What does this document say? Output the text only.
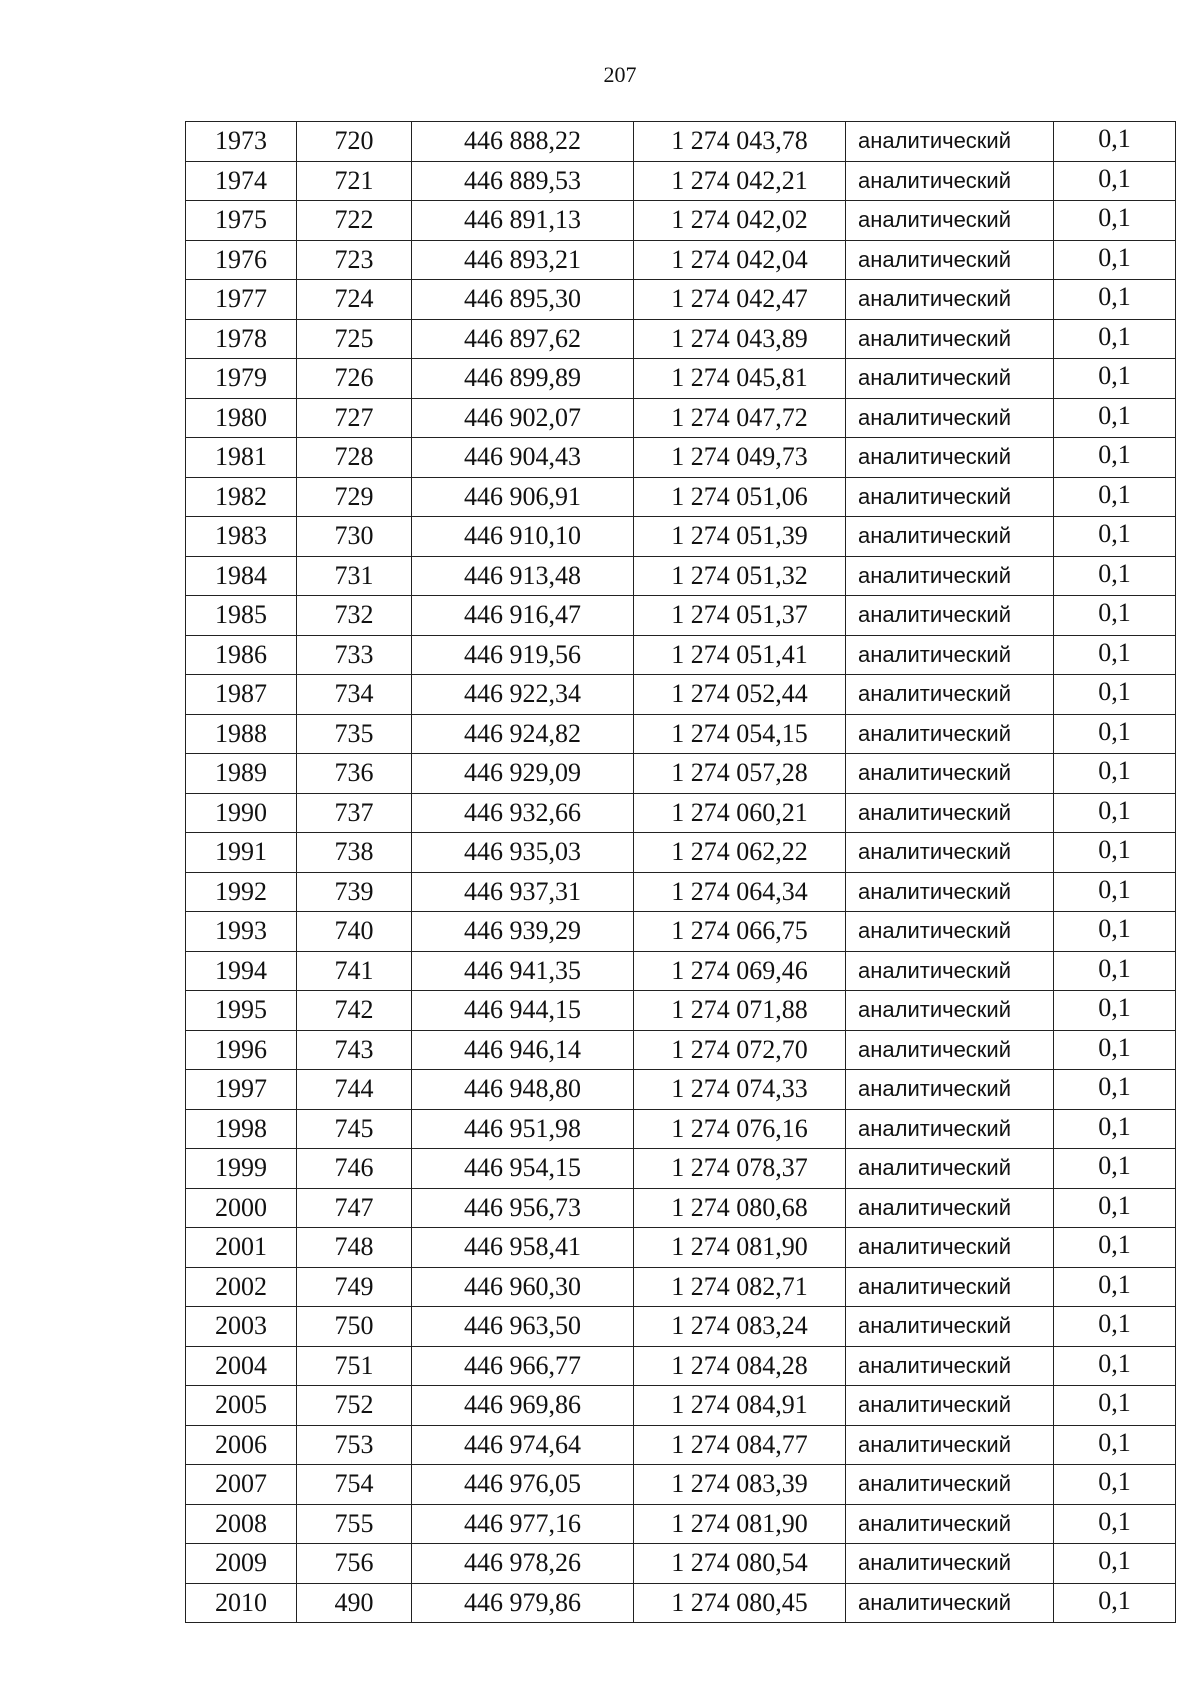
207
1973	720	446 888,22	1 274 043,78	аналитический	0,1
1974	721	446 889,53	1 274 042,21	аналитический	0,1
1975	722	446 891,13	1 274 042,02	аналитический	0,1
1976	723	446 893,21	1 274 042,04	аналитический	0,1
1977	724	446 895,30	1 274 042,47	аналитический	0,1
1978	725	446 897,62	1 274 043,89	аналитический	0,1
1979	726	446 899,89	1 274 045,81	аналитический	0,1
1980	727	446 902,07	1 274 047,72	аналитический	0,1
1981	728	446 904,43	1 274 049,73	аналитический	0,1
1982	729	446 906,91	1 274 051,06	аналитический	0,1
1983	730	446 910,10	1 274 051,39	аналитический	0,1
1984	731	446 913,48	1 274 051,32	аналитический	0,1
1985	732	446 916,47	1 274 051,37	аналитический	0,1
1986	733	446 919,56	1 274 051,41	аналитический	0,1
1987	734	446 922,34	1 274 052,44	аналитический	0,1
1988	735	446 924,82	1 274 054,15	аналитический	0,1
1989	736	446 929,09	1 274 057,28	аналитический	0,1
1990	737	446 932,66	1 274 060,21	аналитический	0,1
1991	738	446 935,03	1 274 062,22	аналитический	0,1
1992	739	446 937,31	1 274 064,34	аналитический	0,1
1993	740	446 939,29	1 274 066,75	аналитический	0,1
1994	741	446 941,35	1 274 069,46	аналитический	0,1
1995	742	446 944,15	1 274 071,88	аналитический	0,1
1996	743	446 946,14	1 274 072,70	аналитический	0,1
1997	744	446 948,80	1 274 074,33	аналитический	0,1
1998	745	446 951,98	1 274 076,16	аналитический	0,1
1999	746	446 954,15	1 274 078,37	аналитический	0,1
2000	747	446 956,73	1 274 080,68	аналитический	0,1
2001	748	446 958,41	1 274 081,90	аналитический	0,1
2002	749	446 960,30	1 274 082,71	аналитический	0,1
2003	750	446 963,50	1 274 083,24	аналитический	0,1
2004	751	446 966,77	1 274 084,28	аналитический	0,1
2005	752	446 969,86	1 274 084,91	аналитический	0,1
2006	753	446 974,64	1 274 084,77	аналитический	0,1
2007	754	446 976,05	1 274 083,39	аналитический	0,1
2008	755	446 977,16	1 274 081,90	аналитический	0,1
2009	756	446 978,26	1 274 080,54	аналитический	0,1
2010	490	446 979,86	1 274 080,45	аналитический	0,1
